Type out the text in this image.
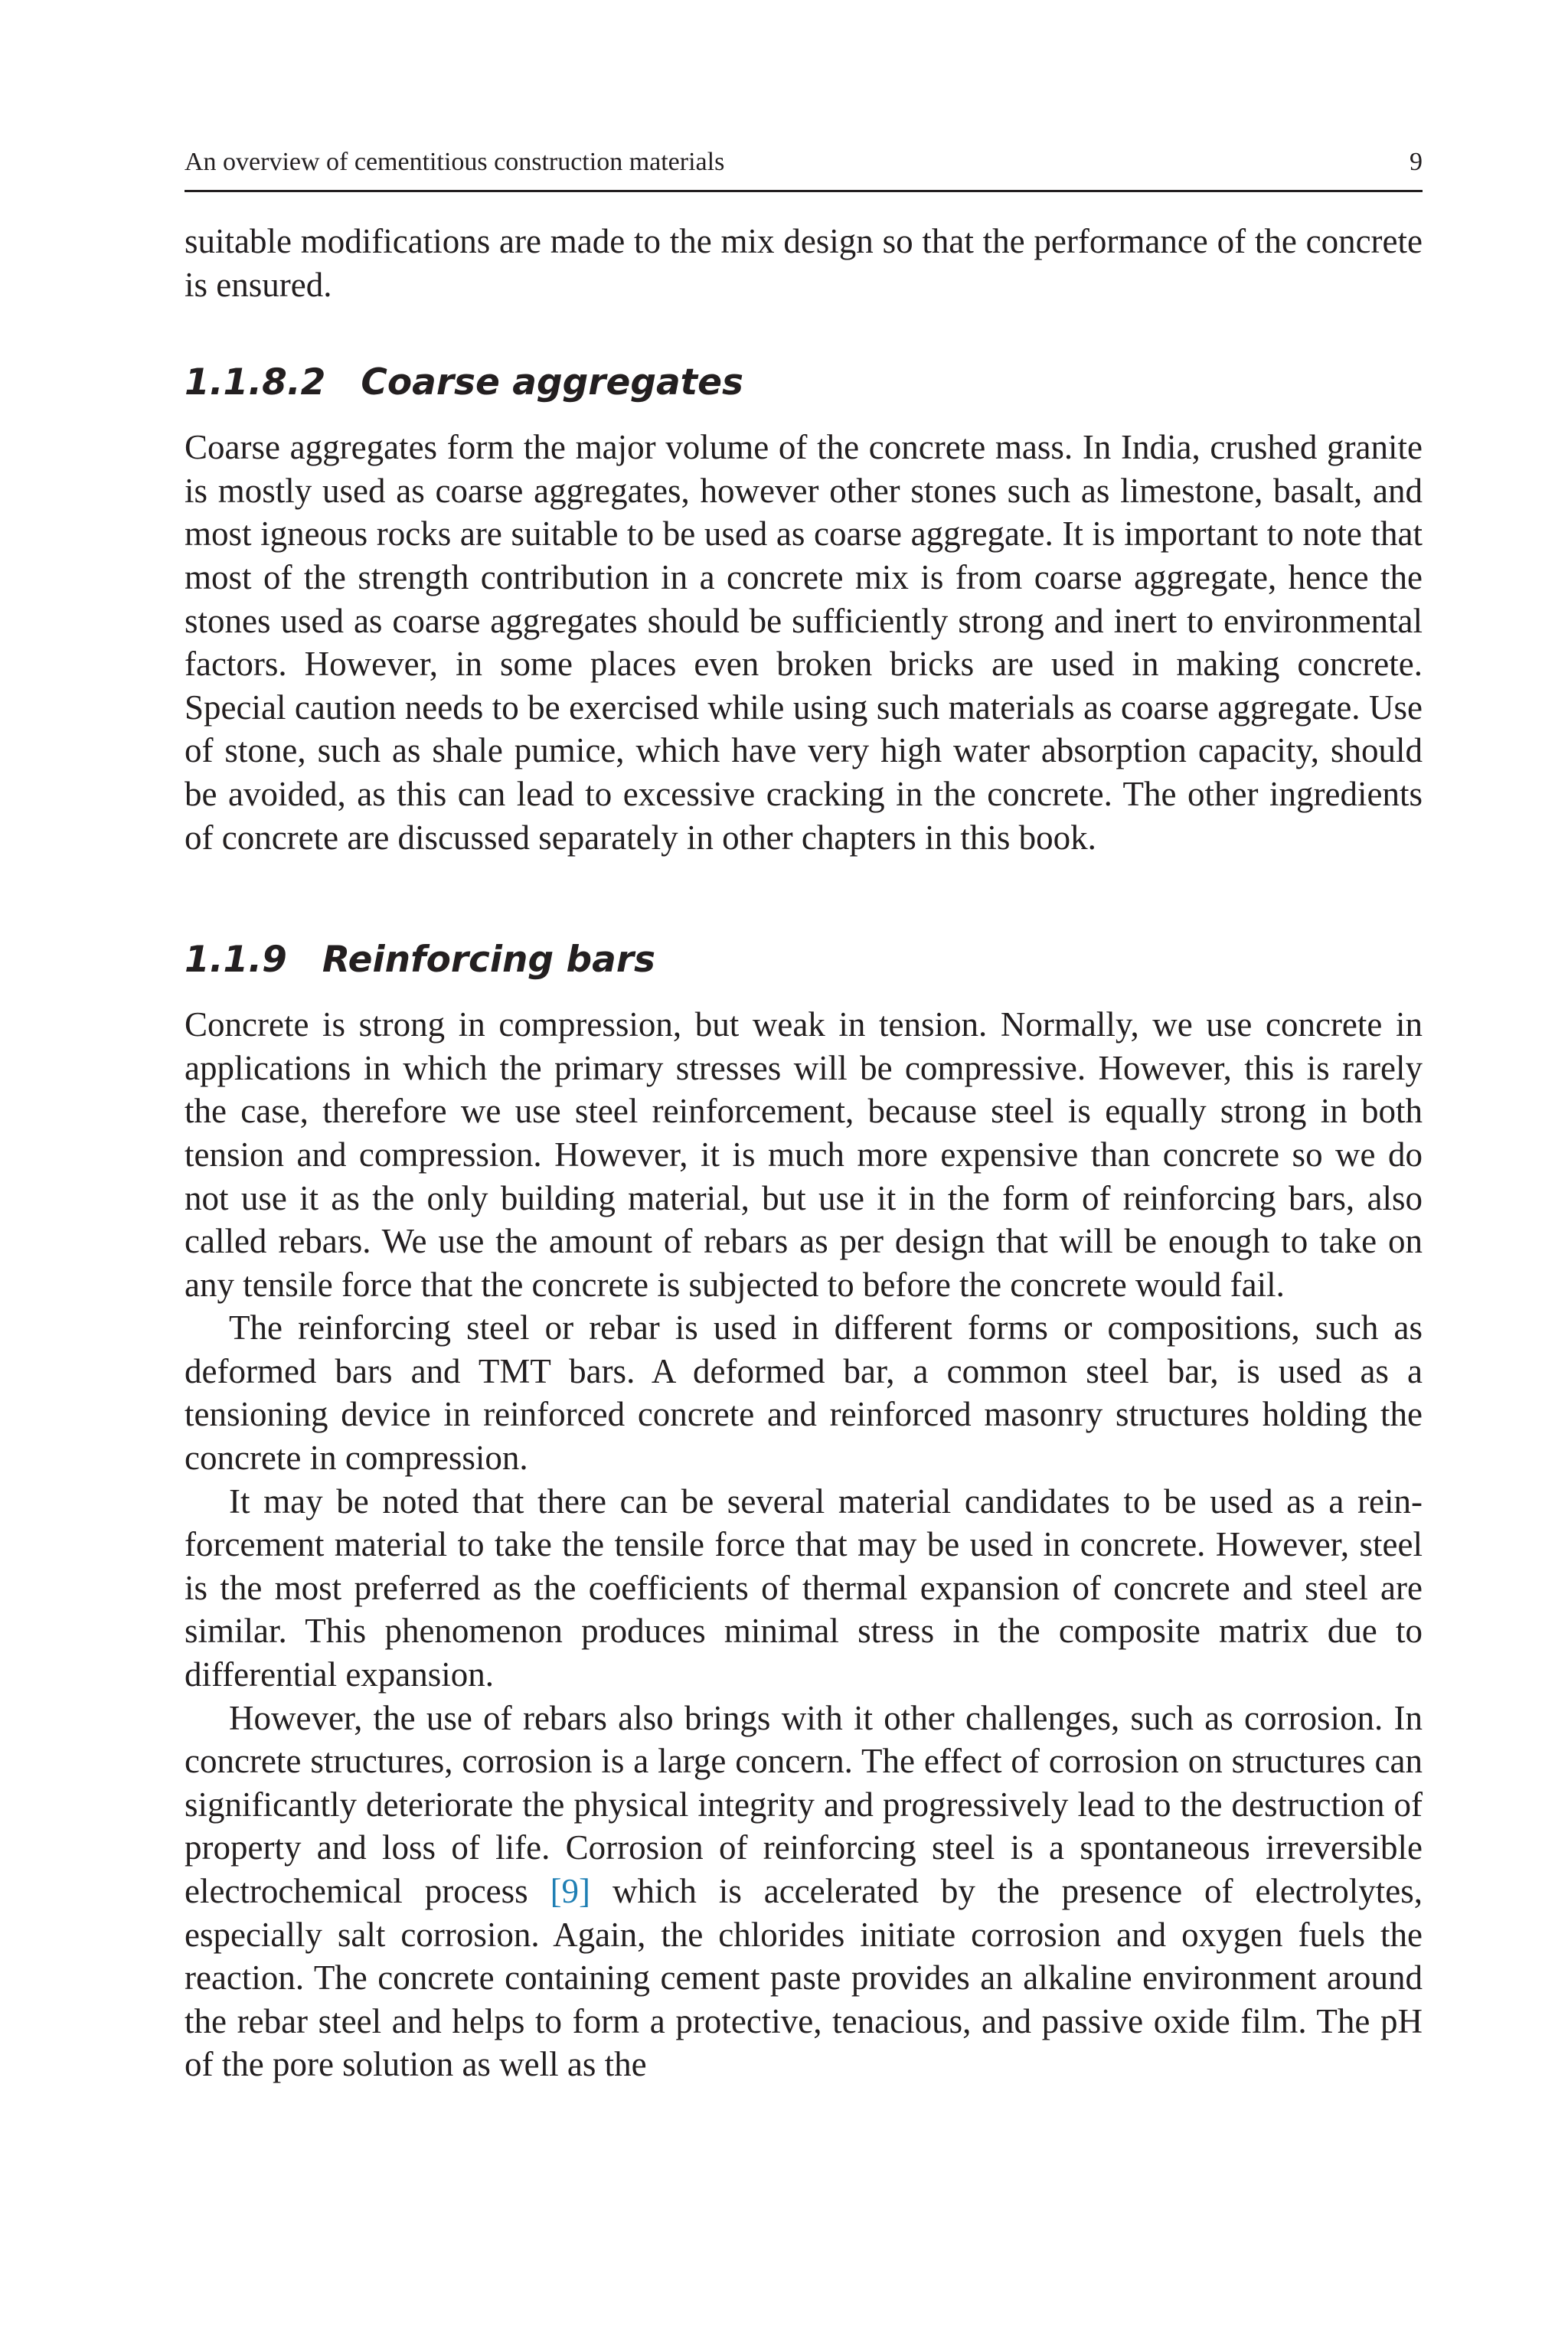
An overview of cementitious construction materials	9

suitable modifications are made to the mix design so that the performance of the concrete is ensured.

1.1.8.2 Coarse aggregates

Coarse aggregates form the major volume of the concrete mass. In India, crushed granite is mostly used as coarse aggregates, however other stones such as limestone, basalt, and most igneous rocks are suitable to be used as coarse aggregate. It is important to note that most of the strength contribution in a concrete mix is from coarse aggregate, hence the stones used as coarse aggregates should be sufficiently strong and inert to environmental factors. However, in some places even broken bricks are used in making concrete. Special caution needs to be exercised while using such materials as coarse aggregate. Use of stone, such as shale pumice, which have very high water absorption capacity, should be avoided, as this can lead to excessive cracking in the concrete. The other ingredients of concrete are discussed separately in other chapters in this book.

1.1.9 Reinforcing bars

Concrete is strong in compression, but weak in tension. Normally, we use concrete in applications in which the primary stresses will be compressive. However, this is rarely the case, therefore we use steel reinforcement, because steel is equally strong in both tension and compression. However, it is much more expensive than concrete so we do not use it as the only building material, but use it in the form of reinforcing bars, also called rebars. We use the amount of rebars as per design that will be enough to take on any tensile force that the concrete is subjected to before the concrete would fail.

The reinforcing steel or rebar is used in different forms or compositions, such as deformed bars and TMT bars. A deformed bar, a common steel bar, is used as a tensioning device in reinforced concrete and reinforced masonry structures holding the concrete in compression.

It may be noted that there can be several material candidates to be used as a reinforcement material to take the tensile force that may be used in concrete. However, steel is the most preferred as the coefficients of thermal expansion of concrete and steel are similar. This phenomenon produces minimal stress in the composite matrix due to differential expansion.

However, the use of rebars also brings with it other challenges, such as corrosion. In concrete structures, corrosion is a large concern. The effect of corrosion on structures can significantly deteriorate the physical integrity and progressively lead to the destruction of property and loss of life. Corrosion of reinforcing steel is a spontaneous irreversible electrochemical process [9] which is accelerated by the presence of electrolytes, especially salt corrosion. Again, the chlorides initiate corrosion and oxygen fuels the reaction. The concrete containing cement paste provides an alkaline environment around the rebar steel and helps to form a protective, tenacious, and passive oxide film. The pH of the pore solution as well as the
